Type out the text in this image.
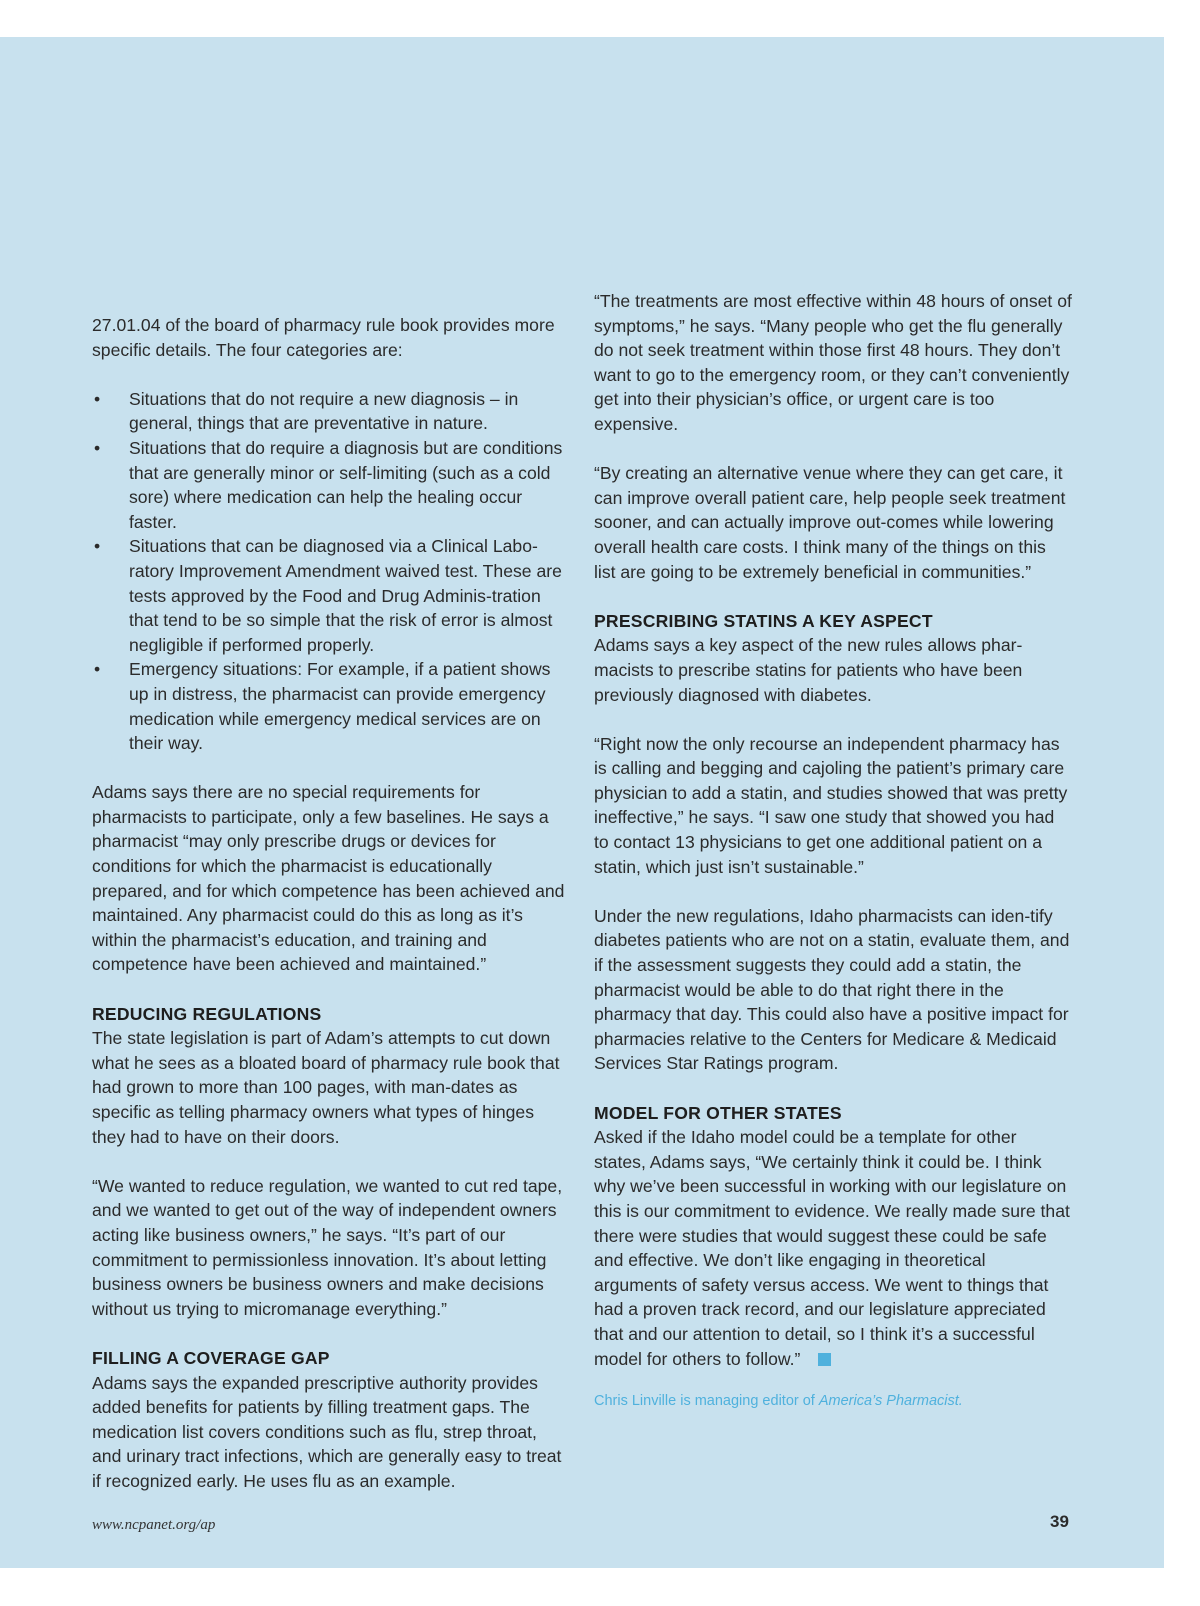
27.01.04 of the board of pharmacy rule book provides more specific details. The four categories are:

• Situations that do not require a new diagnosis – in general, things that are preventative in nature.
• Situations that do require a diagnosis but are conditions that are generally minor or self-limiting (such as a cold sore) where medication can help the healing occur faster.
• Situations that can be diagnosed via a Clinical Labo-ratory Improvement Amendment waived test. These are tests approved by the Food and Drug Adminis-tration that tend to be so simple that the risk of error is almost negligible if performed properly.
• Emergency situations: For example, if a patient shows up in distress, the pharmacist can provide emergency medication while emergency medical services are on their way.

Adams says there are no special requirements for pharmacists to participate, only a few baselines. He says a pharmacist “may only prescribe drugs or devices for conditions for which the pharmacist is educationally prepared, and for which competence has been achieved and maintained. Any pharmacist could do this as long as it’s within the pharmacist’s education, and training and competence have been achieved and maintained.”

REDUCING REGULATIONS

The state legislation is part of Adam’s attempts to cut down what he sees as a bloated board of pharmacy rule book that had grown to more than 100 pages, with man-dates as specific as telling pharmacy owners what types of hinges they had to have on their doors.

“We wanted to reduce regulation, we wanted to cut red tape, and we wanted to get out of the way of independent owners acting like business owners,” he says. “It’s part of our commitment to permissionless innovation. It’s about letting business owners be business owners and make decisions without us trying to micromanage everything.”

FILLING A COVERAGE GAP

Adams says the expanded prescriptive authority provides added benefits for patients by filling treatment gaps. The medication list covers conditions such as flu, strep throat, and urinary tract infections, which are generally easy to treat if recognized early. He uses flu as an example.

“The treatments are most effective within 48 hours of onset of symptoms,” he says. “Many people who get the flu generally do not seek treatment within those first 48 hours. They don’t want to go to the emergency room, or they can’t conveniently get into their physician’s office, or urgent care is too expensive.

“By creating an alternative venue where they can get care, it can improve overall patient care, help people seek treatment sooner, and can actually improve out-comes while lowering overall health care costs. I think many of the things on this list are going to be extremely beneficial in communities.”

PRESCRIBING STATINS A KEY ASPECT

Adams says a key aspect of the new rules allows phar-macists to prescribe statins for patients who have been previously diagnosed with diabetes.

“Right now the only recourse an independent pharmacy has is calling and begging and cajoling the patient’s primary care physician to add a statin, and studies showed that was pretty ineffective,” he says. “I saw one study that showed you had to contact 13 physicians to get one additional patient on a statin, which just isn’t sustainable.”

Under the new regulations, Idaho pharmacists can iden-tify diabetes patients who are not on a statin, evaluate them, and if the assessment suggests they could add a statin, the pharmacist would be able to do that right there in the pharmacy that day. This could also have a positive impact for pharmacies relative to the Centers for Medicare & Medicaid Services Star Ratings program.

MODEL FOR OTHER STATES

Asked if the Idaho model could be a template for other states, Adams says, “We certainly think it could be. I think why we’ve been successful in working with our legislature on this is our commitment to evidence. We really made sure that there were studies that would suggest these could be safe and effective. We don’t like engaging in theoretical arguments of safety versus access. We went to things that had a proven track record, and our legislature appreciated that and our attention to detail, so I think it’s a successful model for others to follow.”

Chris Linville is managing editor of America’s Pharmacist.
www.ncpanet.org/ap	39
